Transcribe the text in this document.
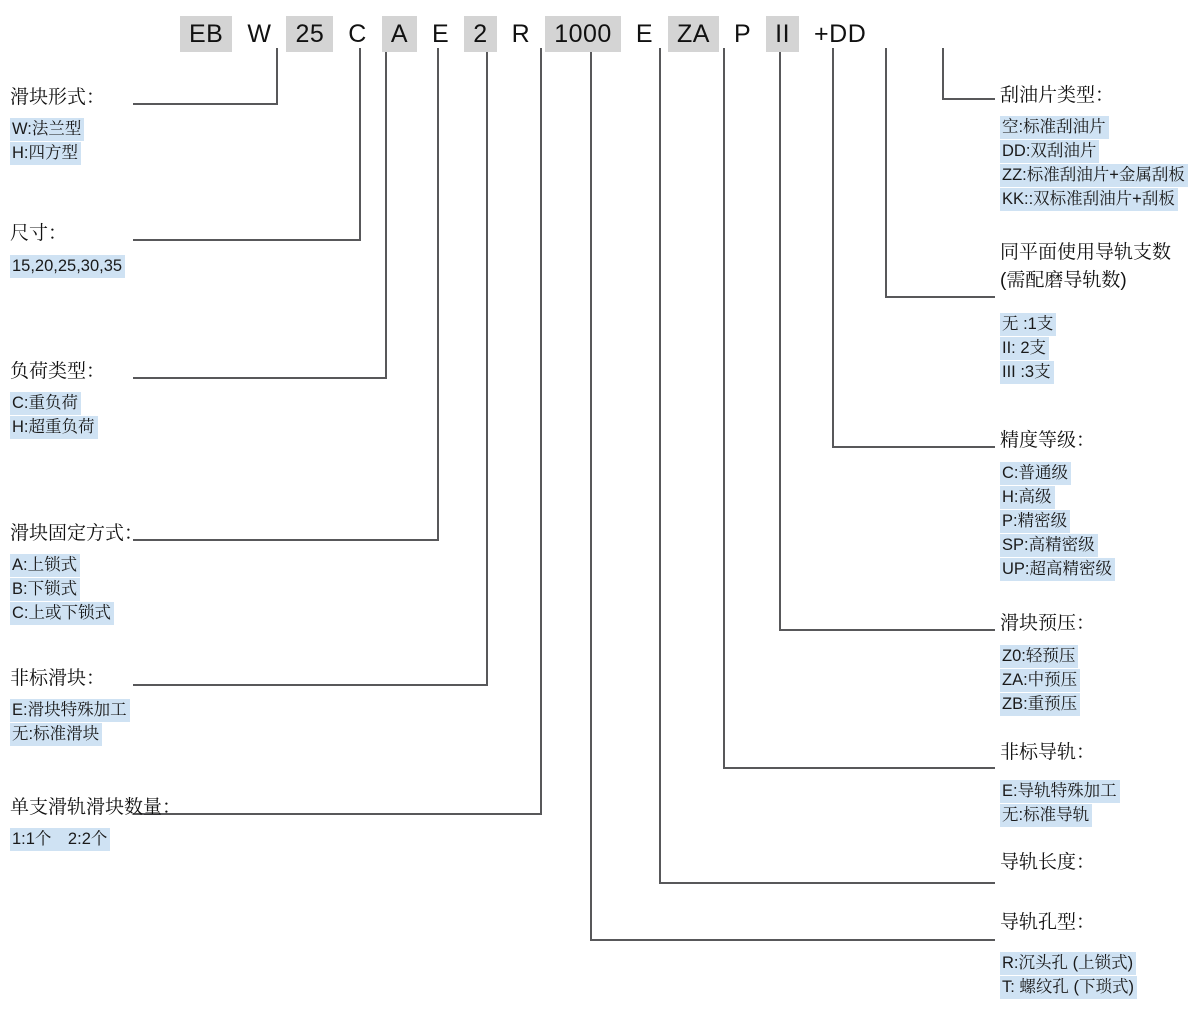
EB W 25 C A E 2 R 1000 E ZA P II +DD
滑块形式：
W:法兰型
H:四方型
尺寸：
15,20,25,30,35
负荷类型：
C:重负荷
H:超重负荷
滑块固定方式：
A:上锁式
B:下锁式
C:上或下锁式
非标滑块：
E:滑块特殊加工
无:标准滑块
单支滑轨滑块数量：
1:1个　2:2个
刮油片类型：
空:标准刮油片
DD:双刮油片
ZZ:标准刮油片+金属刮板
KK::双标准刮油片+刮板
同平面使用导轨支数
(需配磨导轨数)
无 :1支
II: 2支
III :3支
精度等级：
C:普通级
H:高级
P:精密级
SP:高精密级
UP:超高精密级
滑块预压：
Z0:轻预压
ZA:中预压
ZB:重预压
非标导轨：
E:导轨特殊加工
无:标准导轨
导轨长度：
导轨孔型：
R:沉头孔 (上锁式)
T: 螺纹孔 (下琐式)
